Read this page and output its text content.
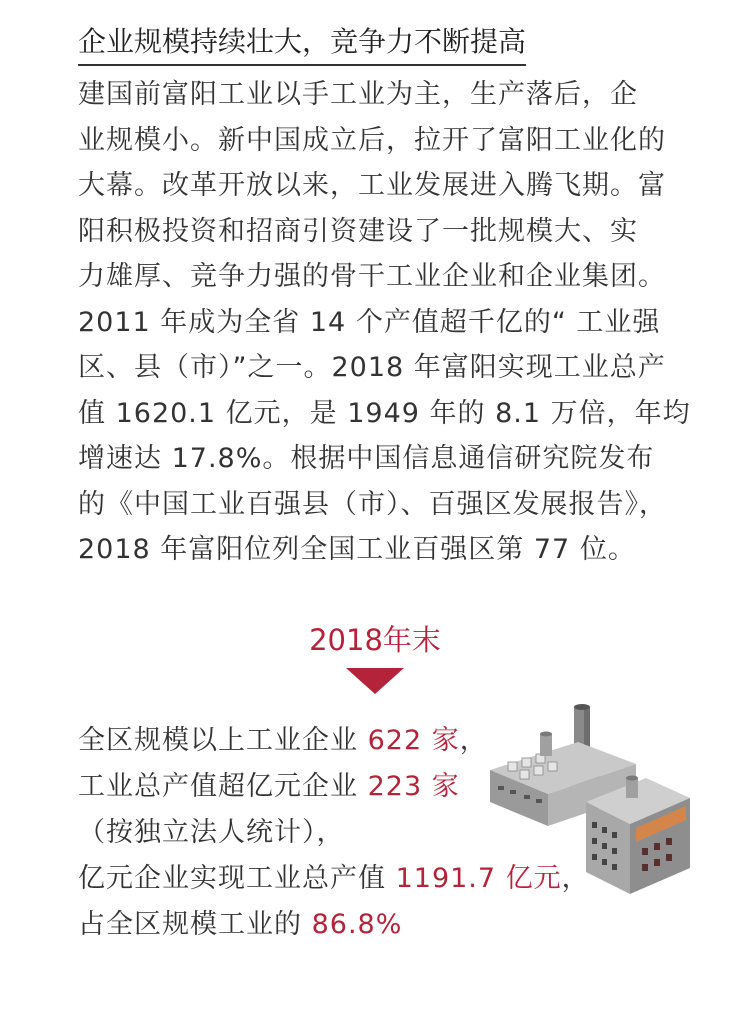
企业规模持续壮大，竞争力不断提高
建国前富阳工业以手工业为主，生产落后，企
业规模小。新中国成立后，拉开了富阳工业化的
大幕。改革开放以来，工业发展进入腾飞期。富
阳积极投资和招商引资建设了一批规模大、实
力雄厚、竞争力强的骨干工业企业和企业集团。
2011 年成为全省 14 个产值超千亿的“ 工业强
区、县（市）”之一。2018 年富阳实现工业总产
值 1620.1 亿元，是 1949 年的 8.1 万倍，年均
增速达 17.8%。根据中国信息通信研究院发布
的《中国工业百强县（市）、百强区发展报告》，
2018 年富阳位列全国工业百强区第 77 位。
2018年末
全区规模以上工业企业 622 家，
工业总产值超亿元企业 223 家
（按独立法人统计），
亿元企业实现工业总产值 1191.7 亿元，
占全区规模工业的 86.8%
